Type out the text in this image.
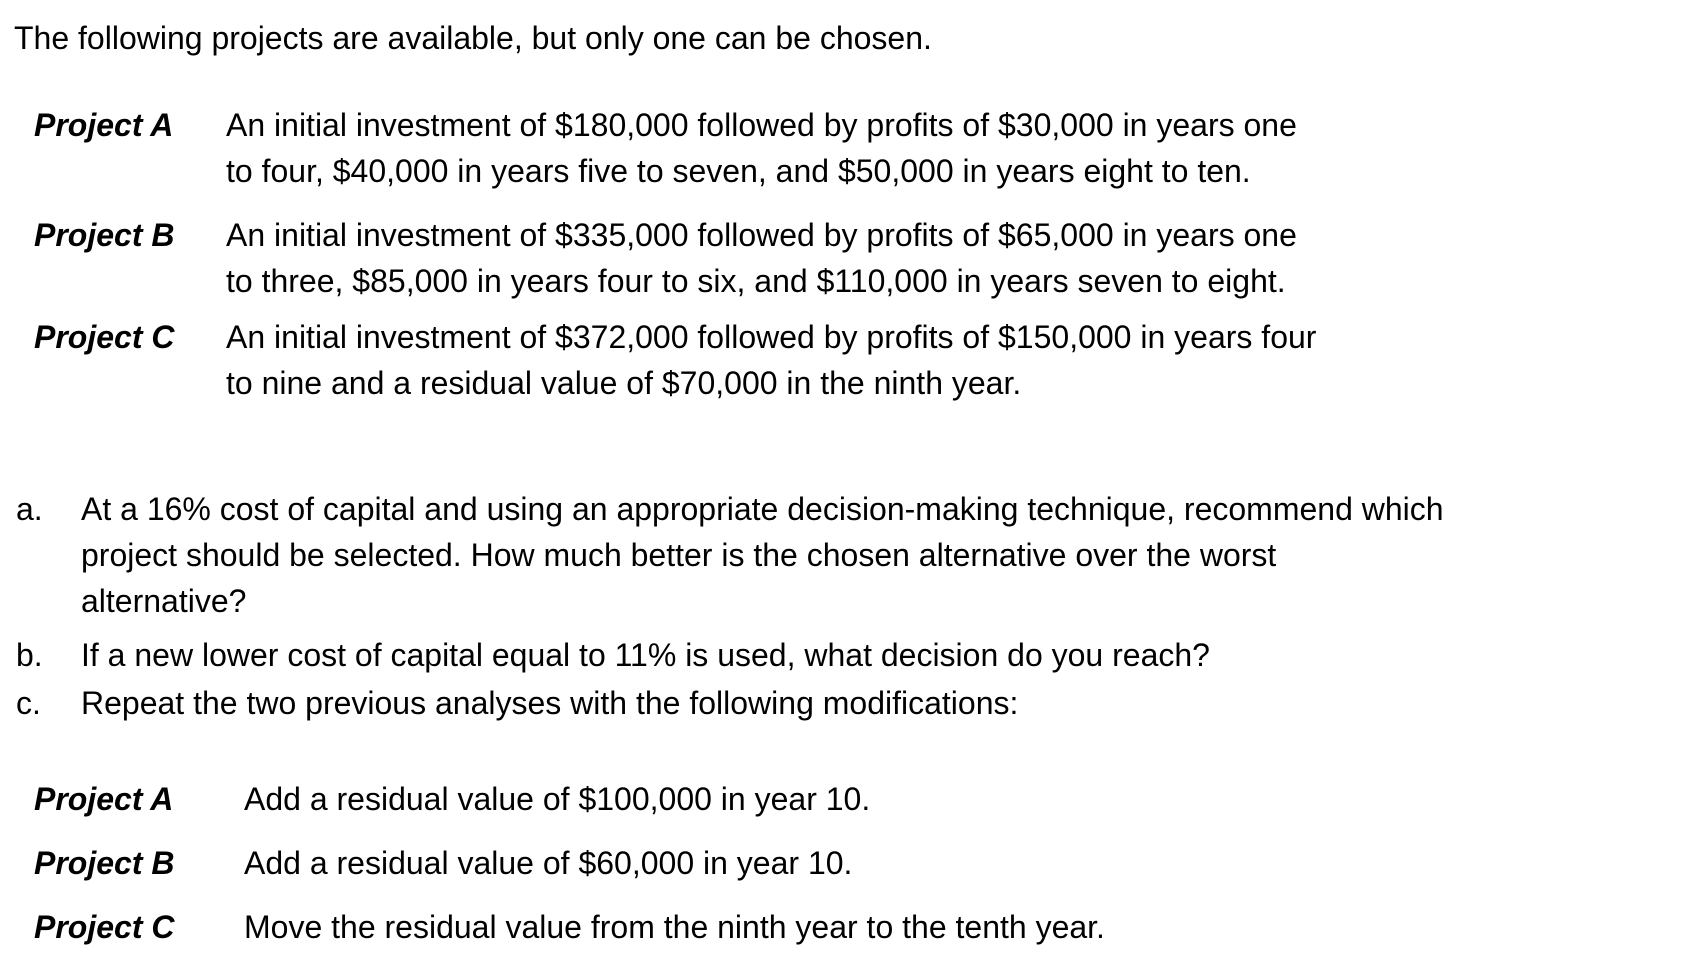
The following projects are available, but only one can be chosen.
Project A An initial investment of $180,000 followed by profits of $30,000 in years one
to four, $40,000 in years five to seven, and $50,000 in years eight to ten.
Project B An initial investment of $335,000 followed by profits of $65,000 in years one
to three, $85,000 in years four to six, and $110,000 in years seven to eight.
Project C An initial investment of $372,000 followed by profits of $150,000 in years four
to nine and a residual value of $70,000 in the ninth year.
a. At a 16% cost of capital and using an appropriate decision-making technique, recommend which
project should be selected. How much better is the chosen alternative over the worst
alternative?
b. If a new lower cost of capital equal to 11% is used, what decision do you reach?
c. Repeat the two previous analyses with the following modifications:
Project A Add a residual value of $100,000 in year 10.
Project B Add a residual value of $60,000 in year 10.
Project C Move the residual value from the ninth year to the tenth year.
